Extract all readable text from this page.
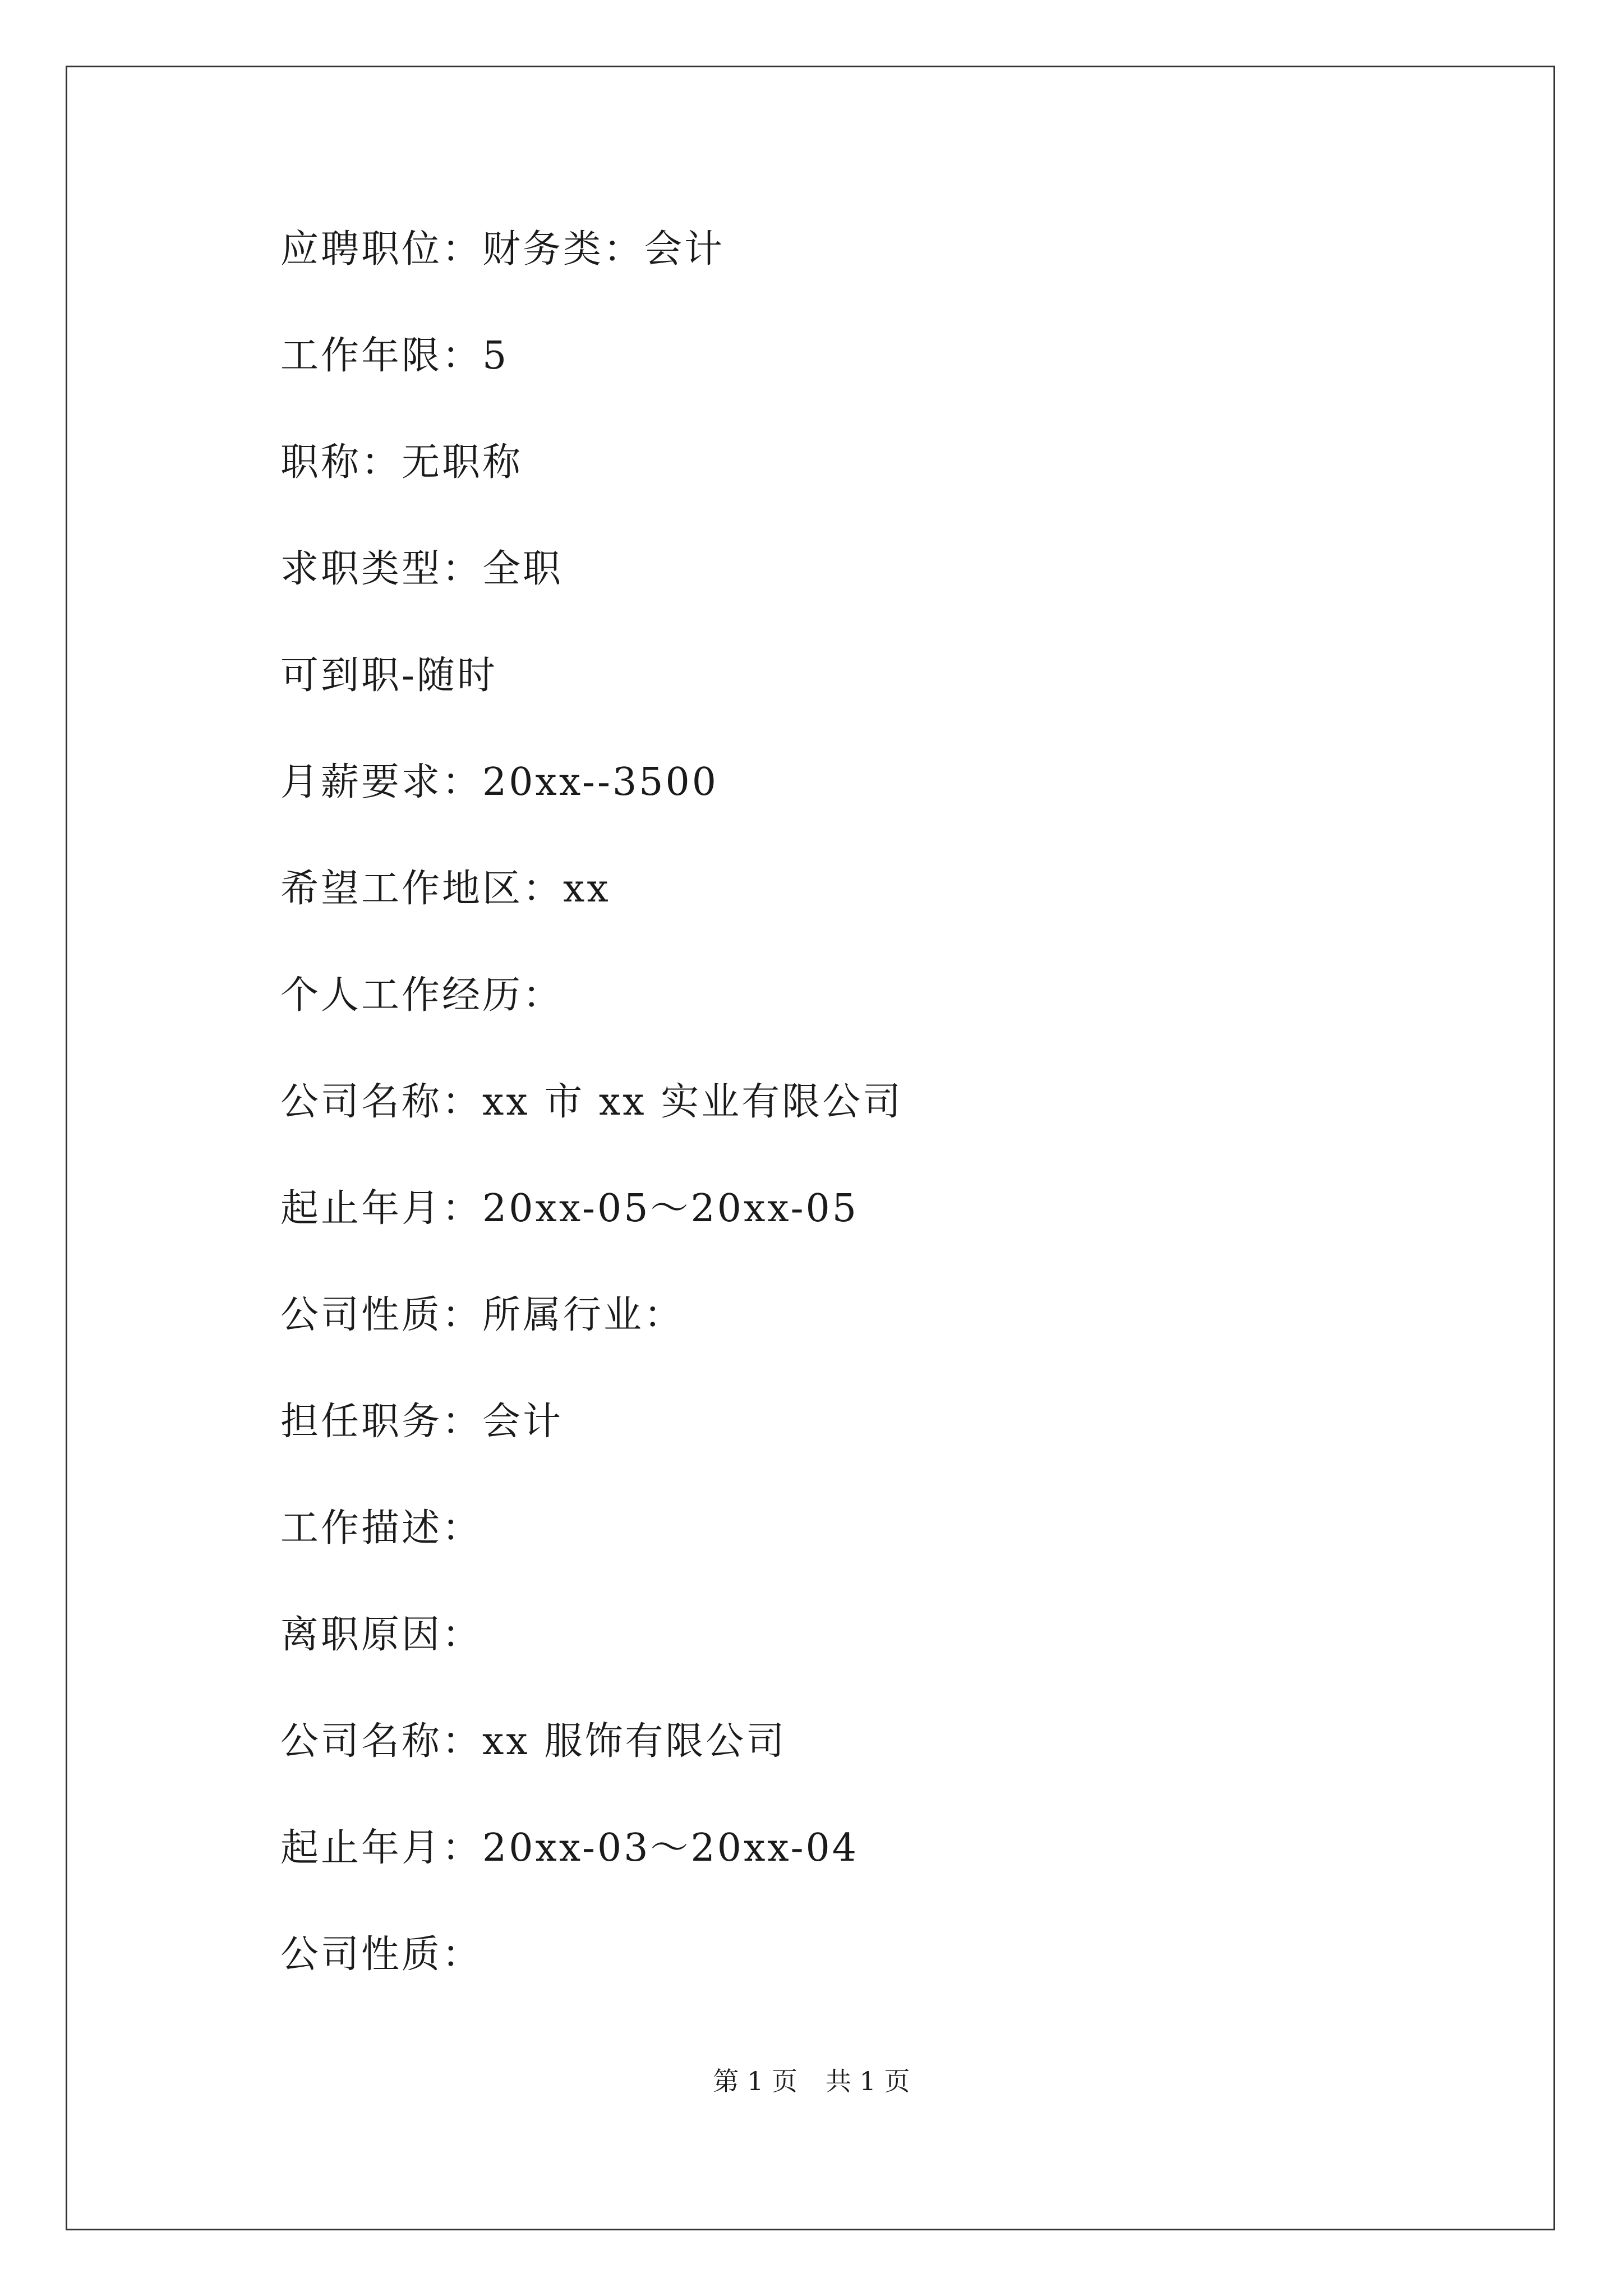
应聘职位：财务类：会计
工作年限：5
职称：无职称
求职类型：全职
可到职-随时
月薪要求：20xx--3500
希望工作地区：xx
个人工作经历：
公司名称：xx 市 xx 实业有限公司
起止年月：20xx-05～20xx-05
公司性质：所属行业：
担任职务：会计
工作描述：
离职原因：
公司名称：xx 服饰有限公司
起止年月：20xx-03～20xx-04
公司性质：
第 1 页 共 1 页
